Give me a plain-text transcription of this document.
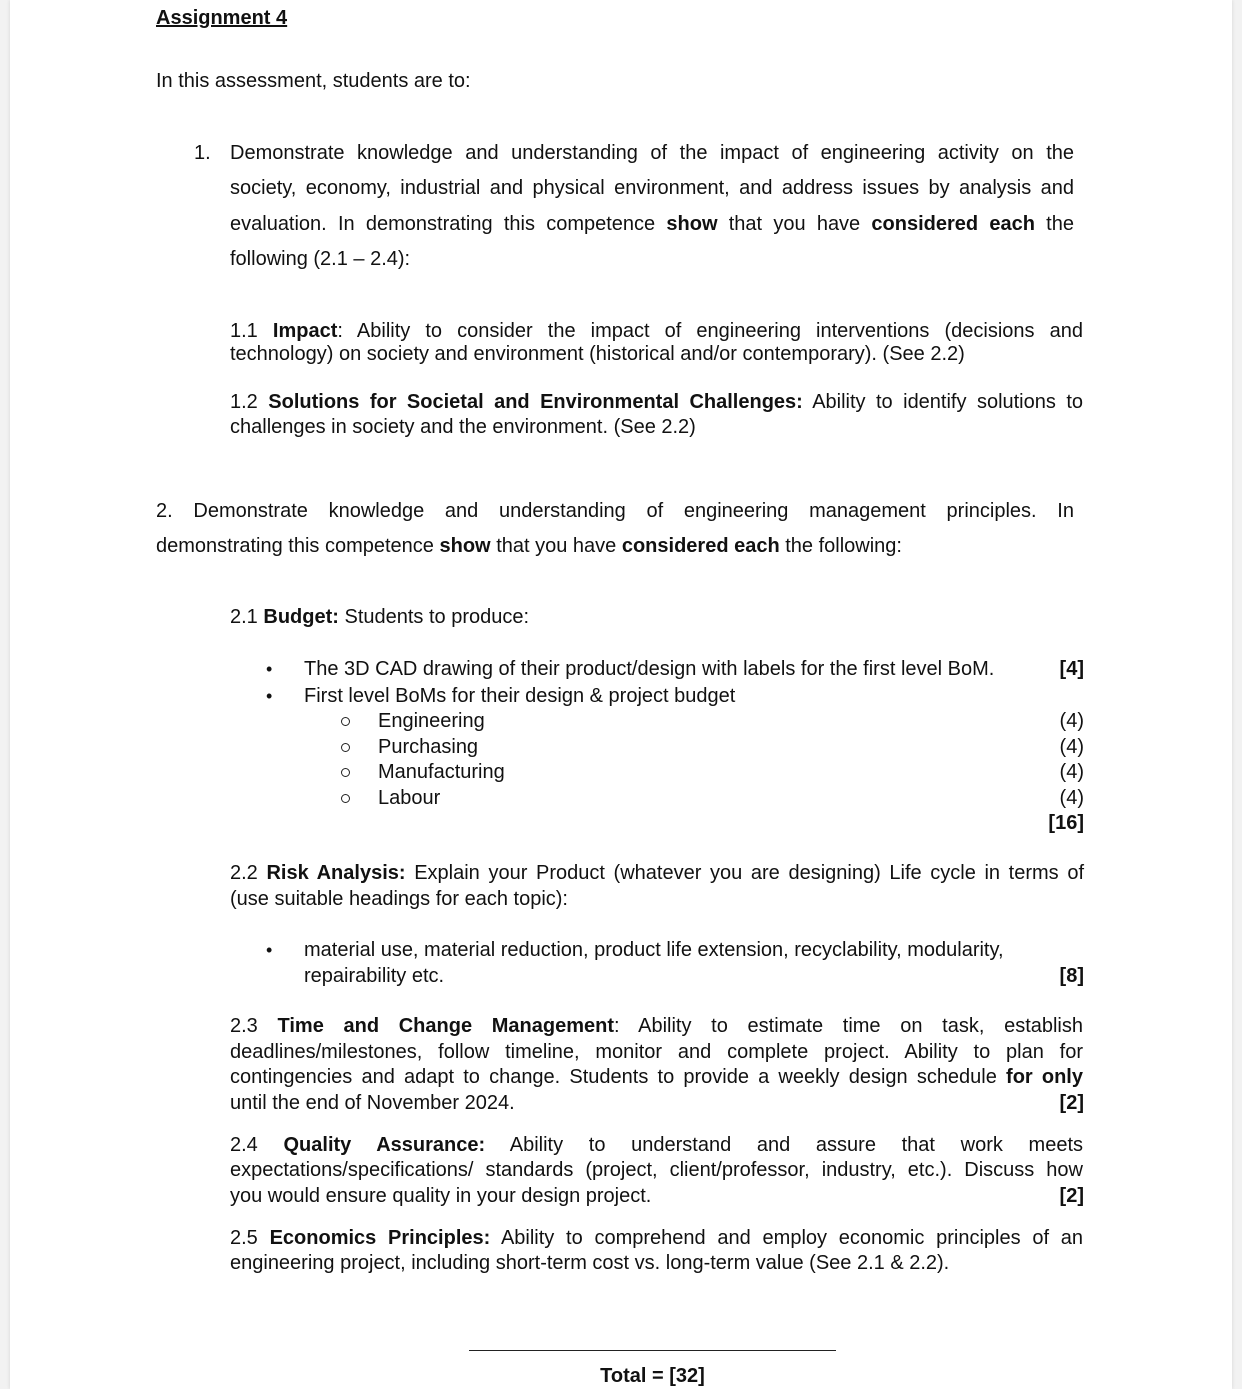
Assignment 4
In this assessment, students are to:
1. Demonstrate knowledge and understanding of the impact of engineering activity on the
society, economy, industrial and physical environment, and address issues by analysis and
evaluation. In demonstrating this competence show that you have considered each the
following (2.1 – 2.4):
1.1 Impact: Ability to consider the impact of engineering interventions (decisions and
technology) on society and environment (historical and/or contemporary). (See 2.2)
1.2 Solutions for Societal and Environmental Challenges: Ability to identify solutions to
challenges in society and the environment. (See 2.2)
2. Demonstrate knowledge and understanding of engineering management principles. In
demonstrating this competence show that you have considered each the following:
2.1 Budget: Students to produce:
• The 3D CAD drawing of their product/design with labels for the first level BoM.	[4]
• First level BoMs for their design & project budget
Engineering	(4)
Purchasing	(4)
Manufacturing	(4)
Labour	(4)
[16]
2.2 Risk Analysis: Explain your Product (whatever you are designing) Life cycle in terms of
(use suitable headings for each topic):
• material use, material reduction, product life extension, recyclability, modularity,
repairability etc.	[8]
2.3 Time and Change Management: Ability to estimate time on task, establish
deadlines/milestones, follow timeline, monitor and complete project. Ability to plan for
contingencies and adapt to change. Students to provide a weekly design schedule for only
until the end of November 2024.	[2]
2.4 Quality Assurance: Ability to understand and assure that work meets
expectations/specifications/ standards (project, client/professor, industry, etc.). Discuss how
you would ensure quality in your design project.	[2]
2.5 Economics Principles: Ability to comprehend and employ economic principles of an
engineering project, including short-term cost vs. long-term value (See 2.1 & 2.2).
Total = [32]
